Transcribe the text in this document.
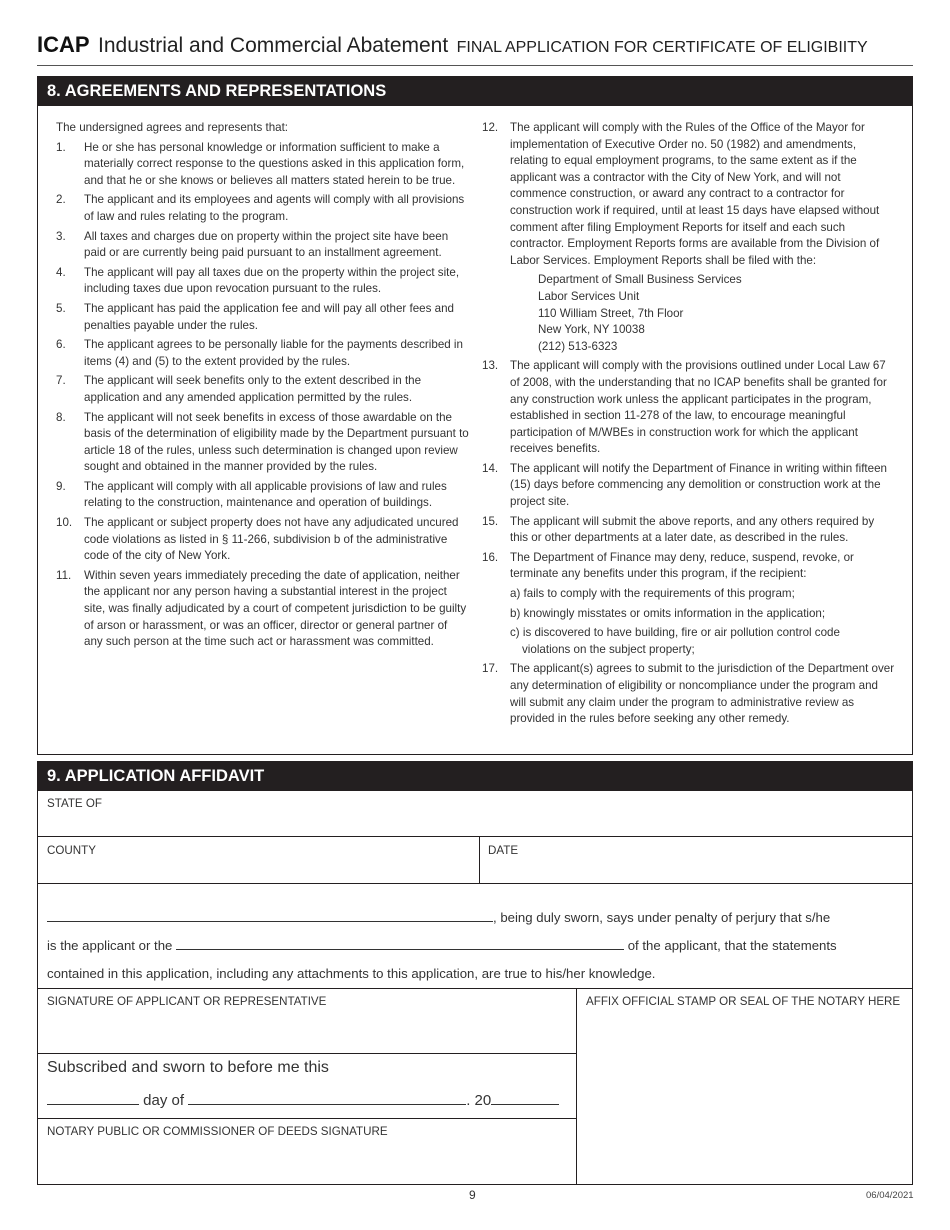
ICAP Industrial and Commercial Abatement FINAL APPLICATION FOR CERTIFICATE OF ELIGIBIITY
8. AGREEMENTS AND REPRESENTATIONS
The undersigned agrees and represents that:
1. He or she has personal knowledge or information sufficient to make a materially correct response to the questions asked in this application form, and that he or she knows or believes all matters stated herein to be true.
2. The applicant and its employees and agents will comply with all provisions of law and rules relating to the program.
3. All taxes and charges due on property within the project site have been paid or are currently being paid pursuant to an installment agreement.
4. The applicant will pay all taxes due on the property within the project site, including taxes due upon revocation pursuant to the rules.
5. The applicant has paid the application fee and will pay all other fees and penalties payable under the rules.
6. The applicant agrees to be personally liable for the payments described in items (4) and (5) to the extent provided by the rules.
7. The applicant will seek benefits only to the extent described in the application and any amended application permitted by the rules.
8. The applicant will not seek benefits in excess of those awardable on the basis of the determination of eligibility made by the Department pursuant to article 18 of the rules, unless such determination is changed upon review sought and obtained in the manner provided by the rules.
9. The applicant will comply with all applicable provisions of law and rules relating to the construction, maintenance and operation of buildings.
10. The applicant or subject property does not have any adjudicated uncured code violations as listed in § 11-266, subdivision b of the administrative code of the city of New York.
11. Within seven years immediately preceding the date of application, neither the applicant nor any person having a substantial interest in the project site, was finally adjudicated by a court of competent jurisdiction to be guilty of arson or harassment, or was an officer, director or general partner of any such person at the time such act or harassment was committed.
12. The applicant will comply with the Rules of the Office of the Mayor for implementation of Executive Order no. 50 (1982) and amendments, relating to equal employment programs, to the same extent as if the applicant was a contractor with the City of New York, and will not commence construction, or award any contract to a contractor for construction work if required, until at least 15 days have elapsed without comment after filing Employment Reports for itself and each such contractor. Employment Reports forms are available from the Division of Labor Services. Employment Reports shall be filed with the:
Department of Small Business Services
Labor Services Unit
110 William Street, 7th Floor
New York, NY 10038
(212) 513-6323
13. The applicant will comply with the provisions outlined under Local Law 67 of 2008, with the understanding that no ICAP benefits shall be granted for any construction work unless the applicant participates in the program, established in section 11-278 of the law, to encourage meaningful participation of M/WBEs in construction work for which the applicant receives benefits.
14. The applicant will notify the Department of Finance in writing within fifteen (15) days before commencing any demolition or construction work at the project site.
15. The applicant will submit the above reports, and any others required by this or other departments at a later date, as described in the rules.
16. The Department of Finance may deny, reduce, suspend, revoke, or terminate any benefits under this program, if the recipient:
a) fails to comply with the requirements of this program;
b) knowingly misstates or omits information in the application;
c) is discovered to have building, fire or air pollution control code
violations on the subject property;
17. The applicant(s) agrees to submit to the jurisdiction of the Department over any determination of eligibility or noncompliance under the program and will submit any claim under the program to administrative review as provided in the rules before seeking any other remedy.
9. APPLICATION AFFIDAVIT
STATE OF
COUNTY	DATE
, being duly sworn, says under penalty of perjury that s/he
is the applicant or the	of the applicant, that the statements
contained in this application, including any attachments to this application, are true to his/her knowledge.
SIGNATURE OF APPLICANT OR REPRESENTATIVE	AFFIX OFFICIAL STAMP OR SEAL OF THE NOTARY HERE
Subscribed and sworn to before me this
day of	. 20
NOTARY PUBLIC OR COMMISSIONER OF DEEDS SIGNATURE
9	06/04/2021
